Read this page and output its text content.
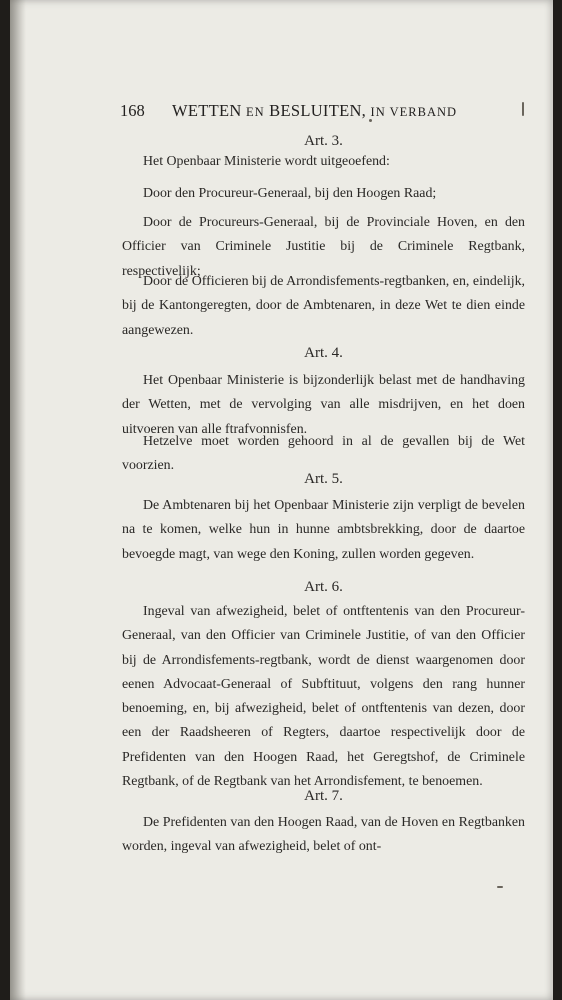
168 WETTEN EN BESLUITEN, IN VERBAND
Art. 3.
Het Openbaar Ministerie wordt uitgeoefend:
Door den Procureur-Generaal, bij den Hoogen Raad;
Door de Procureurs-Generaal, bij de Provinciale Hoven, en den Officier van Criminele Justitie bij de Criminele Regtbank, respectivelijk;
Door de Officieren bij de Arrondisfements-regtbanken, en, eindelijk, bij de Kantongeregten, door de Ambtenaren, in deze Wet te dien einde aangewezen.
Art. 4.
Het Openbaar Ministerie is bijzonderlijk belast met de handhaving der Wetten, met de vervolging van alle misdrijven, en het doen uitvoeren van alle ftrafvonnisfen.
Hetzelve moet worden gehoord in al de gevallen bij de Wet voorzien.
Art. 5.
De Ambtenaren bij het Openbaar Ministerie zijn verpligt de bevelen na te komen, welke hun in hunne ambtsbrekking, door de daartoe bevoegde magt, van wege den Koning, zullen worden gegeven.
Art. 6.
Ingeval van afwezigheid, belet of ontftentenis van den Procureur-Generaal, van den Officier van Criminele Justitie, of van den Officier bij de Arrondisfements-regtbank, wordt de dienst waargenomen door eenen Advocaat-Generaal of Subftituut, volgens den rang hunner benoeming, en, bij afwezigheid, belet of ontftentenis van dezen, door een der Raadsheeren of Regters, daartoe respectivelijk door de Prefidenten van den Hoogen Raad, het Geregtshof, de Criminele Regtbank, of de Regtbank van het Arrondisfement, te benoemen.
Art. 7.
De Prefidenten van den Hoogen Raad, van de Hoven en Regtbanken worden, ingeval van afwezigheid, belet of ont-
